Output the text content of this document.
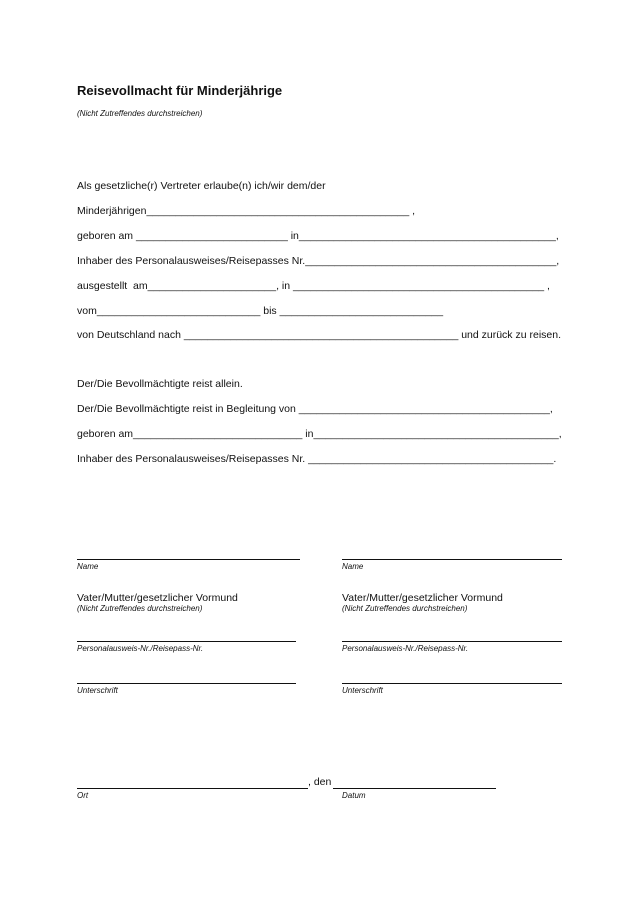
Reisevollmacht für Minderjährige
(Nicht Zutreffendes durchstreichen)
Als gesetzliche(r) Vertreter erlaube(n) ich/wir dem/der
Minderjährigen_____________________________________________ ,
geboren am __________________________ in____________________________________________,
Inhaber des Personalausweises/Reisepasses Nr.___________________________________________,
ausgestellt  am______________________, in ___________________________________________ ,
vom____________________________ bis ____________________________
von Deutschland nach _______________________________________________ und zurück zu reisen.
Der/Die Bevollmächtigte reist allein.
Der/Die Bevollmächtigte reist in Begleitung von ___________________________________________,
geboren am_____________________________ in__________________________________________,
Inhaber des Personalausweises/Reisepasses Nr. __________________________________________.
Name
Vater/Mutter/gesetzlicher Vormund
(Nicht Zutreffendes durchstreichen)
Personalausweis-Nr./Reisepass-Nr.
Unterschrift
Name
Vater/Mutter/gesetzlicher Vormund
(Nicht Zutreffendes durchstreichen)
Personalausweis-Nr./Reisepass-Nr.
Unterschrift
, den
Ort	Datum
